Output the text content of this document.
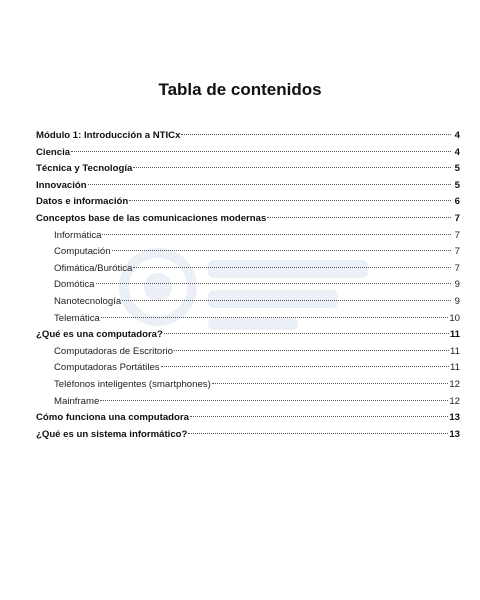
Tabla de contenidos
Módulo 1: Introducción a NTICx	4
Ciencia	4
Técnica y Tecnología	5
Innovación	5
Datos e información	6
Conceptos base de las comunicaciones modernas	7
Informática	7
Computación	7
Ofimática/Burótica	7
Domótica	9
Nanotecnología	9
Telemática	10
¿Qué es una computadora?	11
Computadoras de Escritorio	11
Computadoras Portátiles	11
Teléfonos inteligentes (smartphones)	12
Mainframe	12
Cómo funciona una computadora	13
¿Qué es un sistema informático?	13
